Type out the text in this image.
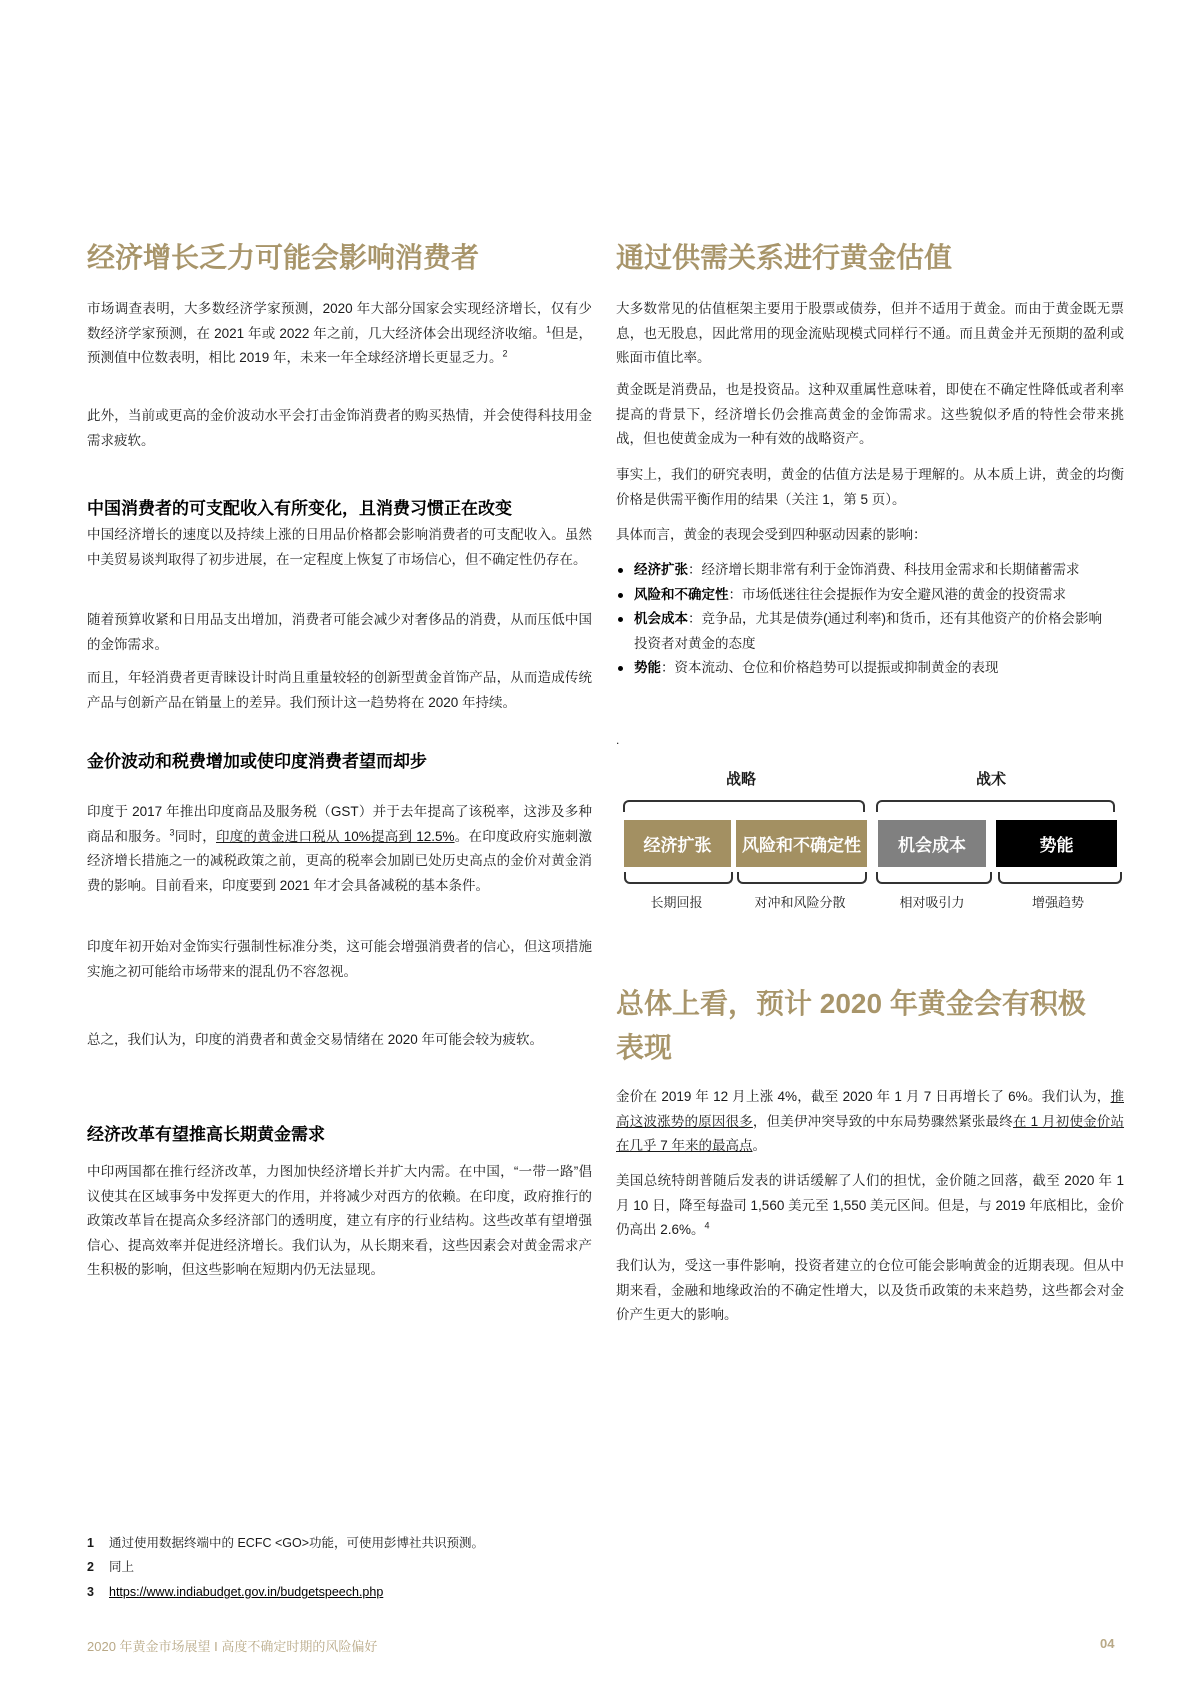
经济增长乏力可能会影响消费者

市场调查表明，大多数经济学家预测，2020 年大部分国家会实现经济增长，仅有少数经济学家预测，在 2021 年或 2022 年之前，几大经济体会出现经济收缩。$^1$但是，预测值中位数表明，相比 2019 年，未来一年全球经济增长更显乏力。$^2$

此外，当前或更高的金价波动水平会打击金饰消费者的购买热情，并会使得科技用金需求疲软。

中国消费者的可支配收入有所变化，且消费习惯正在改变

中国经济增长的速度以及持续上涨的日用品价格都会影响消费者的可支配收入。虽然中美贸易谈判取得了初步进展，在一定程度上恢复了市场信心，但不确定性仍存在。

随着预算收紧和日用品支出增加，消费者可能会减少对奢侈品的消费，从而压低中国的金饰需求。

而且，年轻消费者更青睐设计时尚且重量较轻的创新型黄金首饰产品，从而造成传统产品与创新产品在销量上的差异。我们预计这一趋势将在 2020 年持续。

金价波动和税费增加或使印度消费者望而却步

印度于 2017 年推出印度商品及服务税（GST）并于去年提高了该税率，这涉及多种商品和服务。$^3$同时，印度的黄金进口税从 10%提高到 12.5%。在印度政府实施刺激经济增长措施之一的减税政策之前，更高的税率会加剧已处历史高点的金价对黄金消费的影响。目前看来，印度要到 2021 年才会具备减税的基本条件。

印度年初开始对金饰实行强制性标准分类，这可能会增强消费者的信心，但这项措施实施之初可能给市场带来的混乱仍不容忽视。

总之，我们认为，印度的消费者和黄金交易情绪在 2020 年可能会较为疲软。

经济改革有望推高长期黄金需求

中印两国都在推行经济改革，力图加快经济增长并扩大内需。在中国，“一带一路”倡议使其在区域事务中发挥更大的作用，并将减少对西方的依赖。在印度，政府推行的政策改革旨在提高众多经济部门的透明度，建立有序的行业结构。这些改革有望增强信心、提高效率并促进经济增长。我们认为，从长期来看，这些因素会对黄金需求产生积极的影响，但这些影响在短期内仍无法显现。

通过供需关系进行黄金估值

大多数常见的估值框架主要用于股票或债券，但并不适用于黄金。而由于黄金既无票息，也无股息，因此常用的现金流贴现模式同样行不通。而且黄金并无预期的盈利或账面市值比率。

黄金既是消费品，也是投资品。这种双重属性意味着，即使在不确定性降低或者利率提高的背景下，经济增长仍会推高黄金的金饰需求。这些貌似矛盾的特性会带来挑战，但也使黄金成为一种有效的战略资产。

事实上，我们的研究表明，黄金的估值方法是易于理解的。从本质上讲，黄金的均衡价格是供需平衡作用的结果（关注 1，第 5 页）。

具体而言，黄金的表现会受到四种驱动因素的影响：

经济扩张：经济增长期非常有利于金饰消费、科技用金需求和长期储蓄需求
风险和不确定性：市场低迷往往会提振作为安全避风港的黄金的投资需求
机会成本：竞争品，尤其是债券(通过利率)和货币，还有其他资产的价格会影响投资者对黄金的态度
势能：资本流动、仓位和价格趋势可以提振或抑制黄金的表现
.
战略	战术
经济扩张	风险和不确定性	机会成本	势能
长期回报	对冲和风险分散	相对吸引力	增强趋势
总体上看，预计 2020 年黄金会有积极表现

金价在 2019 年 12 月上涨 4%，截至 2020 年 1 月 7 日再增长了 6%。我们认为，推高这波涨势的原因很多，但美伊冲突导致的中东局势骤然紧张最终在 1 月初使金价站在几乎 7 年来的最高点。

美国总统特朗普随后发表的讲话缓解了人们的担忧，金价随之回落，截至 2020 年 1 月 10 日，降至每盎司 1,560 美元至 1,550 美元区间。但是，与 2019 年底相比，金价仍高出 2.6%。$^4$

我们认为，受这一事件影响，投资者建立的仓位可能会影响黄金的近期表现。但从中期来看，金融和地缘政治的不确定性增大，以及货币政策的未来趋势，这些都会对金价产生更大的影响。

1 通过使用数据终端中的 ECFC <GO>功能，可使用彭博社共识预测。
2 同上
3 https://www.indiabudget.gov.in/budgetspeech.php
2020 年黄金市场展望 I 高度不确定时期的风险偏好	04
